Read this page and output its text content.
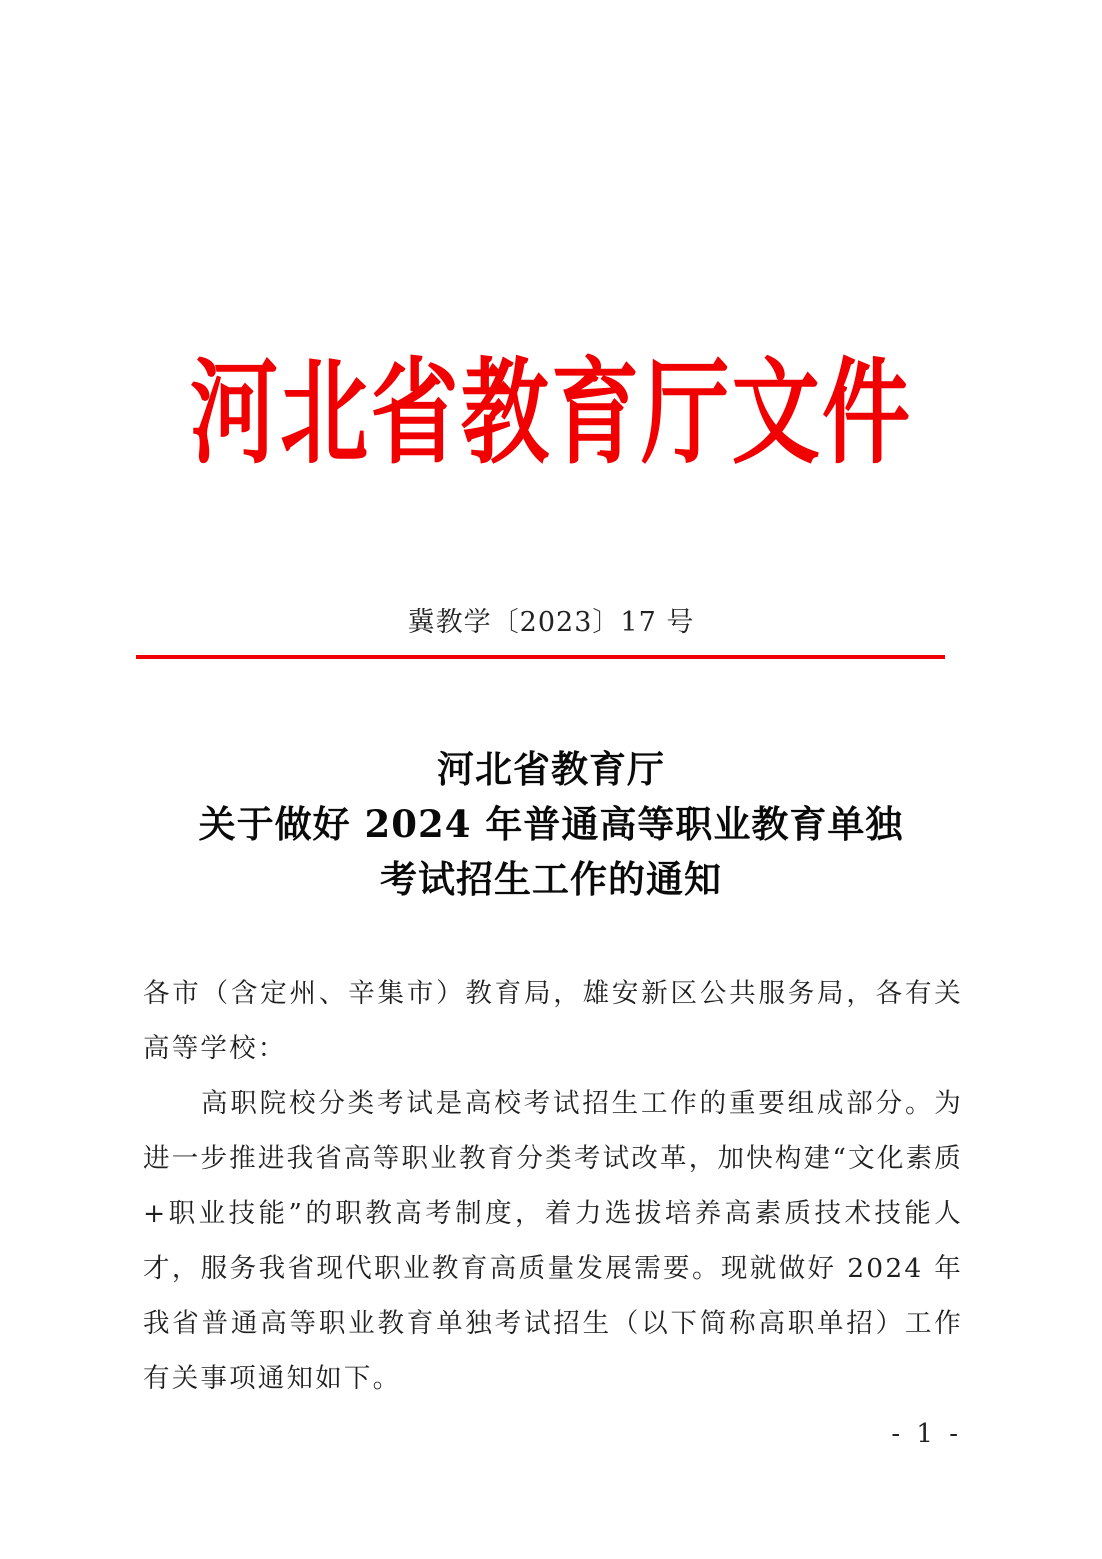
河 北 省 教 育 厅 文 件
冀教学〔2023〕17 号
河北省教育厅
关于做好 2024 年普通高等职业教育单独
考试招生工作的通知

各市（含定州、辛集市）教育局，雄安新区公共服务局，各有关高等学校：

高职院校分类考试是高校考试招生工作的重要组成部分。为进一步推进我省高等职业教育分类考试改革，加快构建“文化素质+职业技能”的职教高考制度，着力选拔培养高素质技术技能人才，服务我省现代职业教育高质量发展需要。现就做好 2024 年我省普通高等职业教育单独考试招生（以下简称高职单招）工作有关事项通知如下。

- 1 -
